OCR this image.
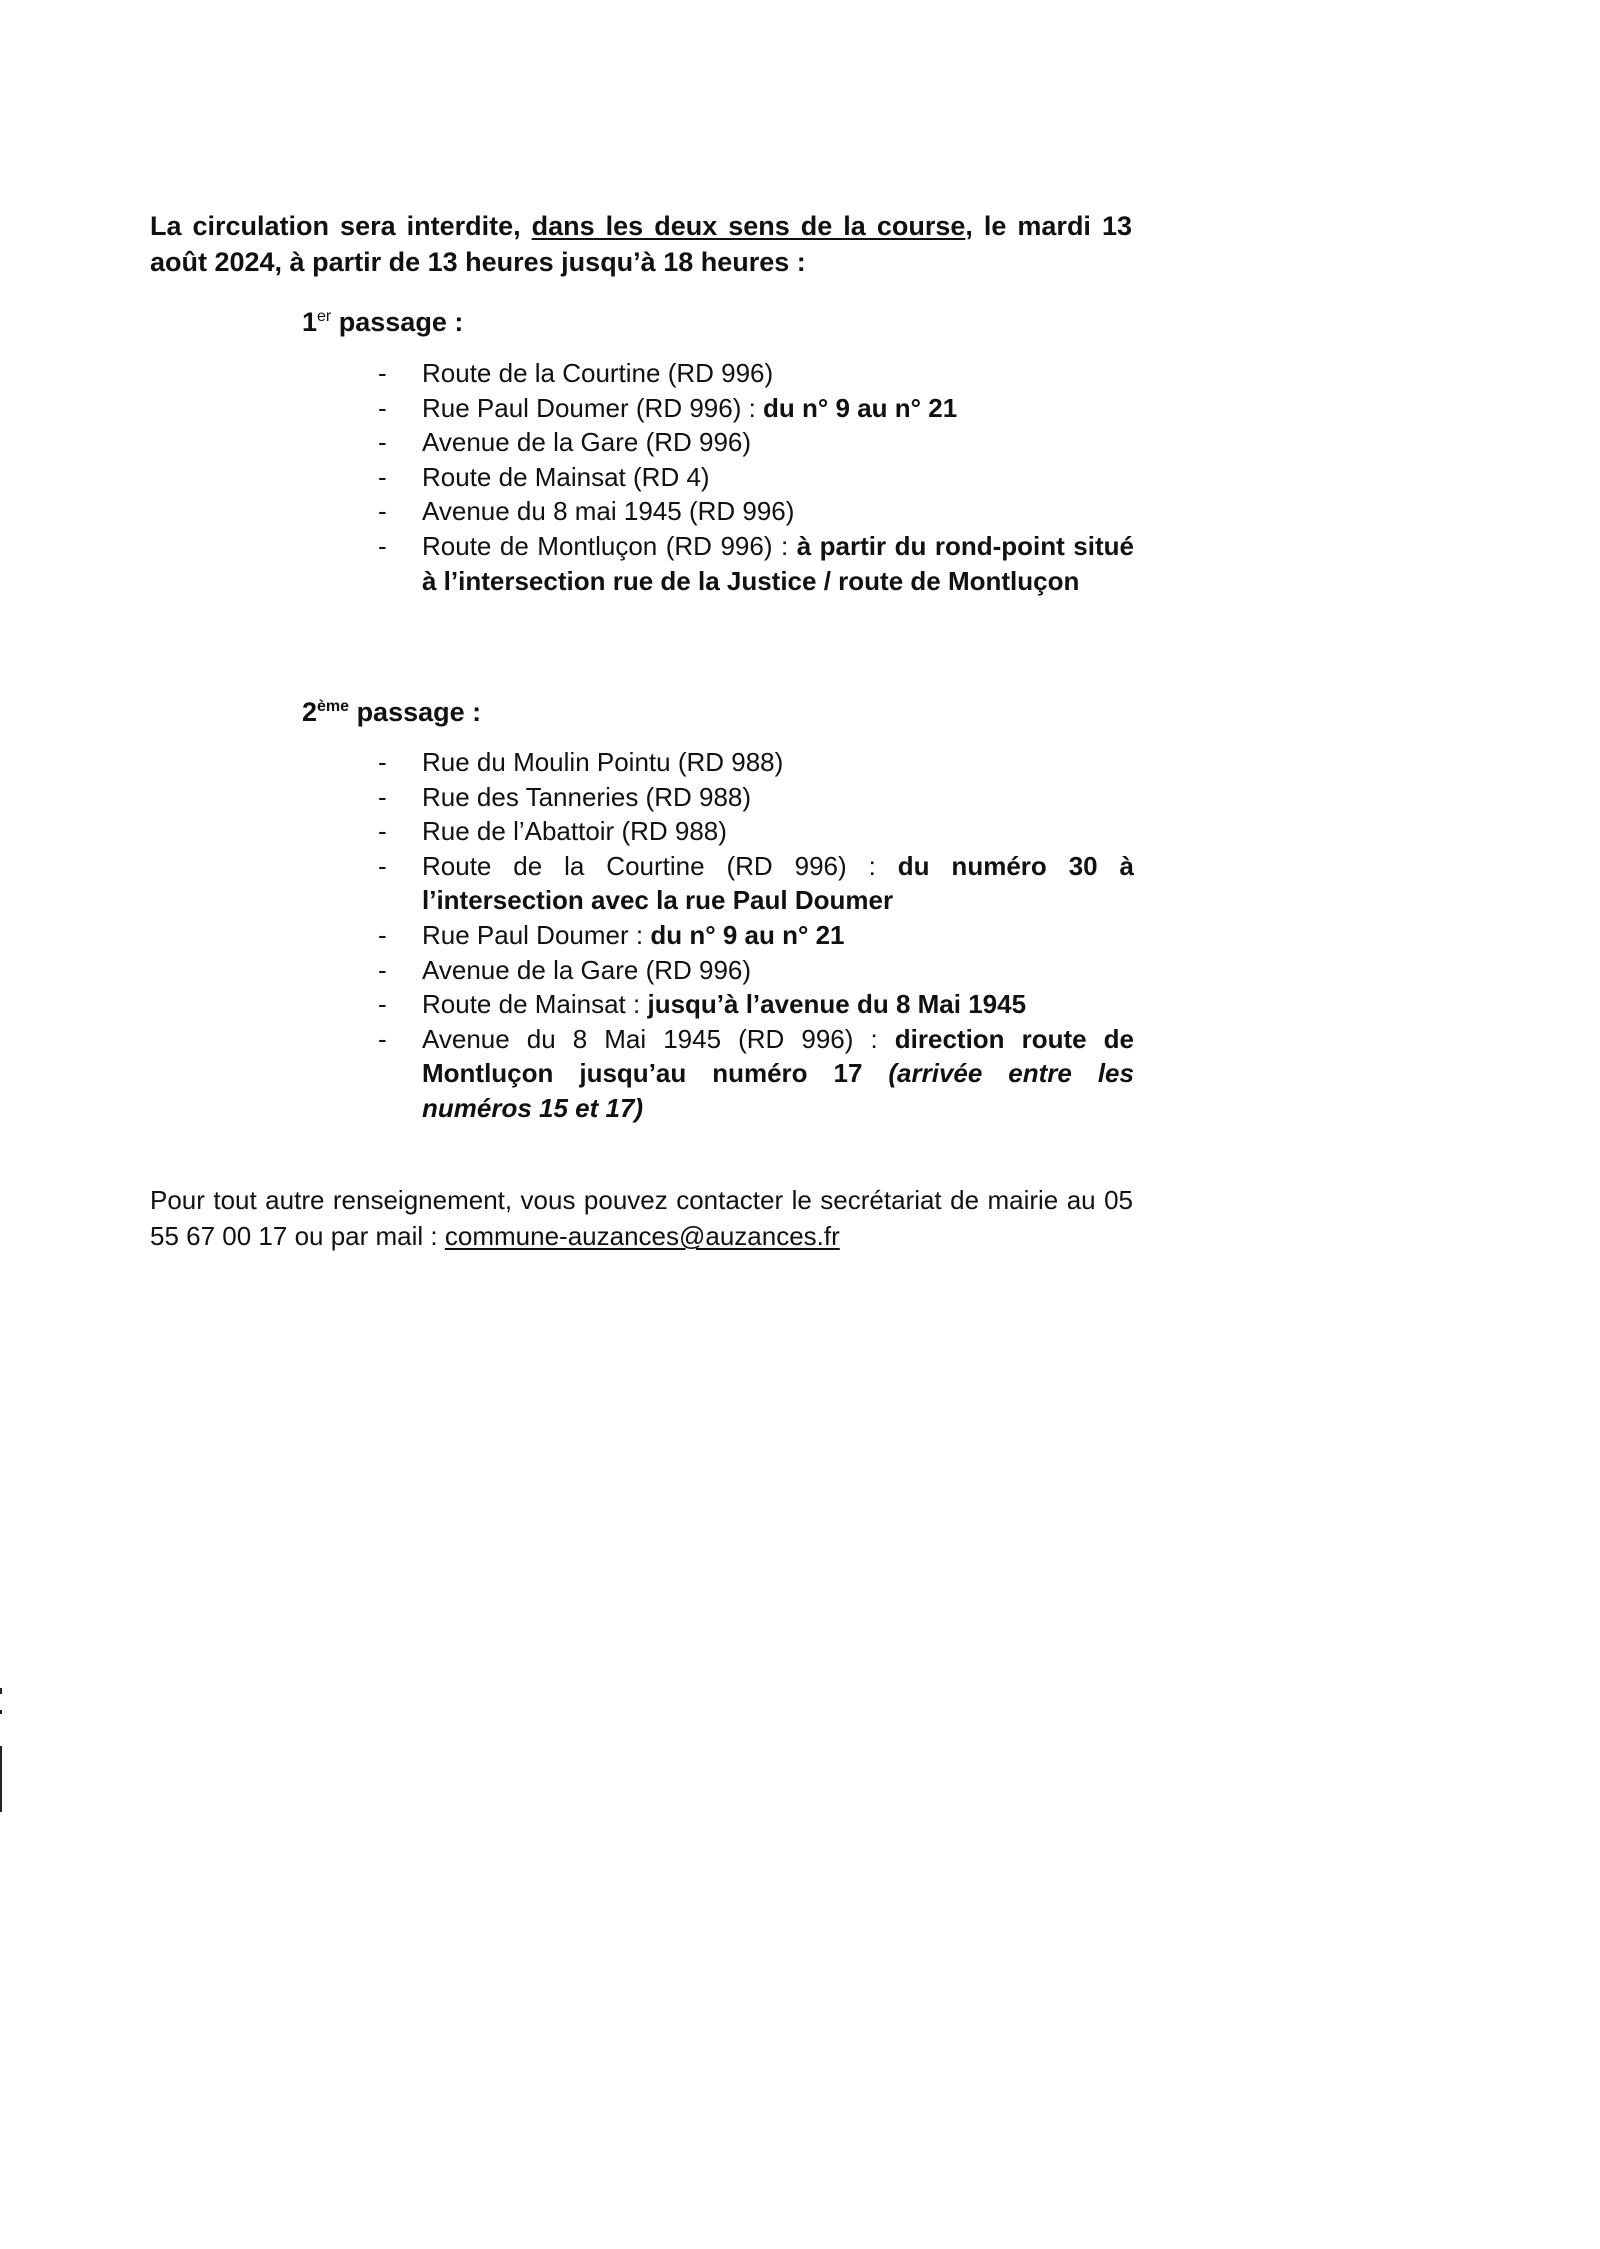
La circulation sera interdite, dans les deux sens de la course, le mardi 13 août 2024, à partir de 13 heures jusqu’à 18 heures :

1er passage :
-	Route de la Courtine (RD 996)
-	Rue Paul Doumer (RD 996) : du n° 9 au n° 21
-	Avenue de la Gare (RD 996)
-	Route de Mainsat (RD 4)
-	Avenue du 8 mai 1945 (RD 996)
-	Route de Montluçon (RD 996) : à partir du rond-point situé à l’intersection rue de la Justice / route de Montluçon
2ème passage :
-	Rue du Moulin Pointu (RD 988)
-	Rue des Tanneries (RD 988)
-	Rue de l’Abattoir (RD 988)
-	Route de la Courtine (RD 996) : du numéro 30 à l’intersection avec la rue Paul Doumer
-	Rue Paul Doumer : du n° 9 au n° 21
-	Avenue de la Gare (RD 996)
-	Route de Mainsat : jusqu’à l’avenue du 8 Mai 1945
-	Avenue du 8 Mai 1945 (RD 996) : direction route de Montluçon jusqu’au numéro 17 (arrivée entre les numéros 15 et 17)

Pour tout autre renseignement, vous pouvez contacter le secrétariat de mairie au 05 55 67 00 17 ou par mail : commune-auzances@auzances.fr
